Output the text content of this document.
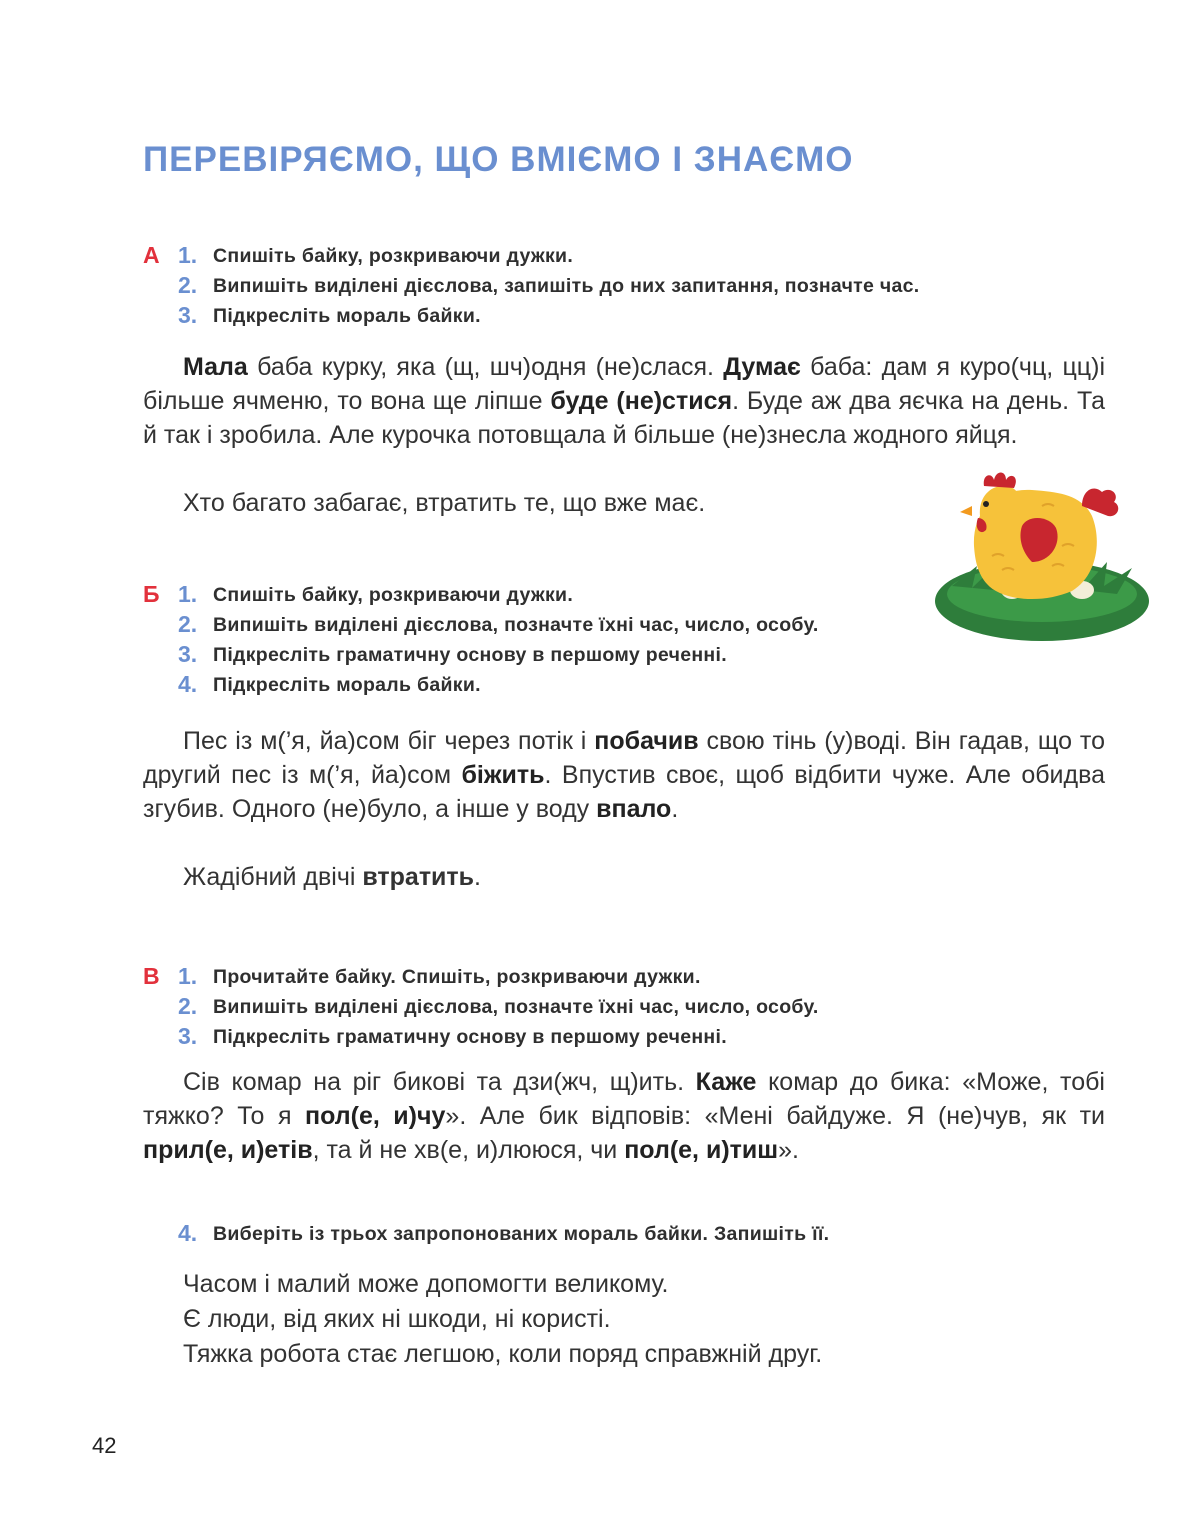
ПЕРЕВІРЯЄМО, ЩО ВМІЄМО І ЗНАЄМО
А 1. Спишіть байку, розкриваючи дужки.
2. Випишіть виділені дієслова, запишіть до них запитання, позначте час.
3. Підкресліть мораль байки.

Мала баба курку, яка (щ, шч)одня (не)слася. Думає баба: дам я куро(чц, цц)і більше ячменю, то вона ще ліпше буде (не)стися. Буде аж два яєчка на день. Та й так і зробила. Але курочка потовщала й більше (не)знесла жодного яйця.

Хто багато забагає, втратить те, що вже має.

Б 1. Спишіть байку, розкриваючи дужки.
2. Випишіть виділені дієслова, позначте їхні час, число, особу.
3. Підкресліть граматичну основу в першому реченні.
4. Підкресліть мораль байки.

Пес із м(’я, йа)сом біг через потік і побачив свою тінь (у)воді. Він гадав, що то другий пес із м(’я, йа)сом біжить. Впустив своє, щоб відбити чуже. Але обидва згубив. Одного (не)було, а інше у воду впало.

Жадібний двічі втратить.

В 1. Прочитайте байку. Спишіть, розкриваючи дужки.
2. Випишіть виділені дієслова, позначте їхні час, число, особу.
3. Підкресліть граматичну основу в першому реченні.

Сів комар на ріг бикові та дзи(жч, щ)ить. Каже комар до бика: «Може, тобі тяжко? То я пол(е, и)чу». Але бик відповів: «Мені байдуже. Я (не)чув, як ти прил(е, и)етів, та й не хв(е, и)лююся, чи пол(е, и)тиш».

4. Виберіть із трьох запропонованих мораль байки. Запишіть її.
Часом і малий може допомогти великому.
Є люди, від яких ні шкоди, ні користі.
Тяжка робота стає легшою, коли поряд справжній друг.
42
